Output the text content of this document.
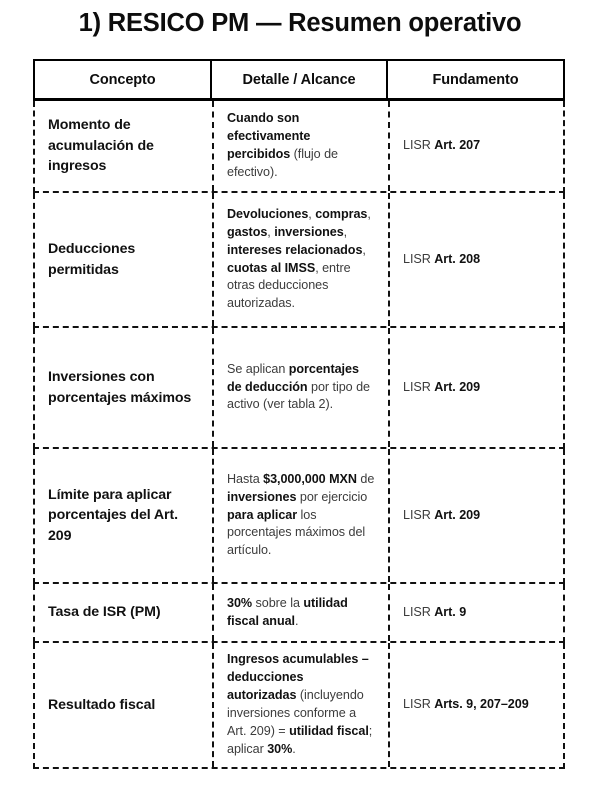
1) RESICO PM — Resumen operativo
Concepto	Detalle / Alcance	Fundamento
Momento de acumulación de ingresos
Cuando son efectivamente percibidos (flujo de efectivo).
LISR Art. 207
Deducciones permitidas
Devoluciones, compras, gastos, inversiones, intereses relacionados, cuotas al IMSS, entre otras deducciones autorizadas.
LISR Art. 208
Inversiones con porcentajes máximos
Se aplican porcentajes de deducción por tipo de activo (ver tabla 2).
LISR Art. 209
Límite para aplicar porcentajes del Art. 209
Hasta $3,000,000 MXN de inversiones por ejercicio para aplicar los porcentajes máximos del artículo.
LISR Art. 209
Tasa de ISR (PM)
30% sobre la utilidad fiscal anual.
LISR Art. 9
Resultado fiscal
Ingresos acumulables – deducciones autorizadas (incluyendo inversiones conforme a Art. 209) = utilidad fiscal; aplicar 30%.
LISR Arts. 9, 207–209
